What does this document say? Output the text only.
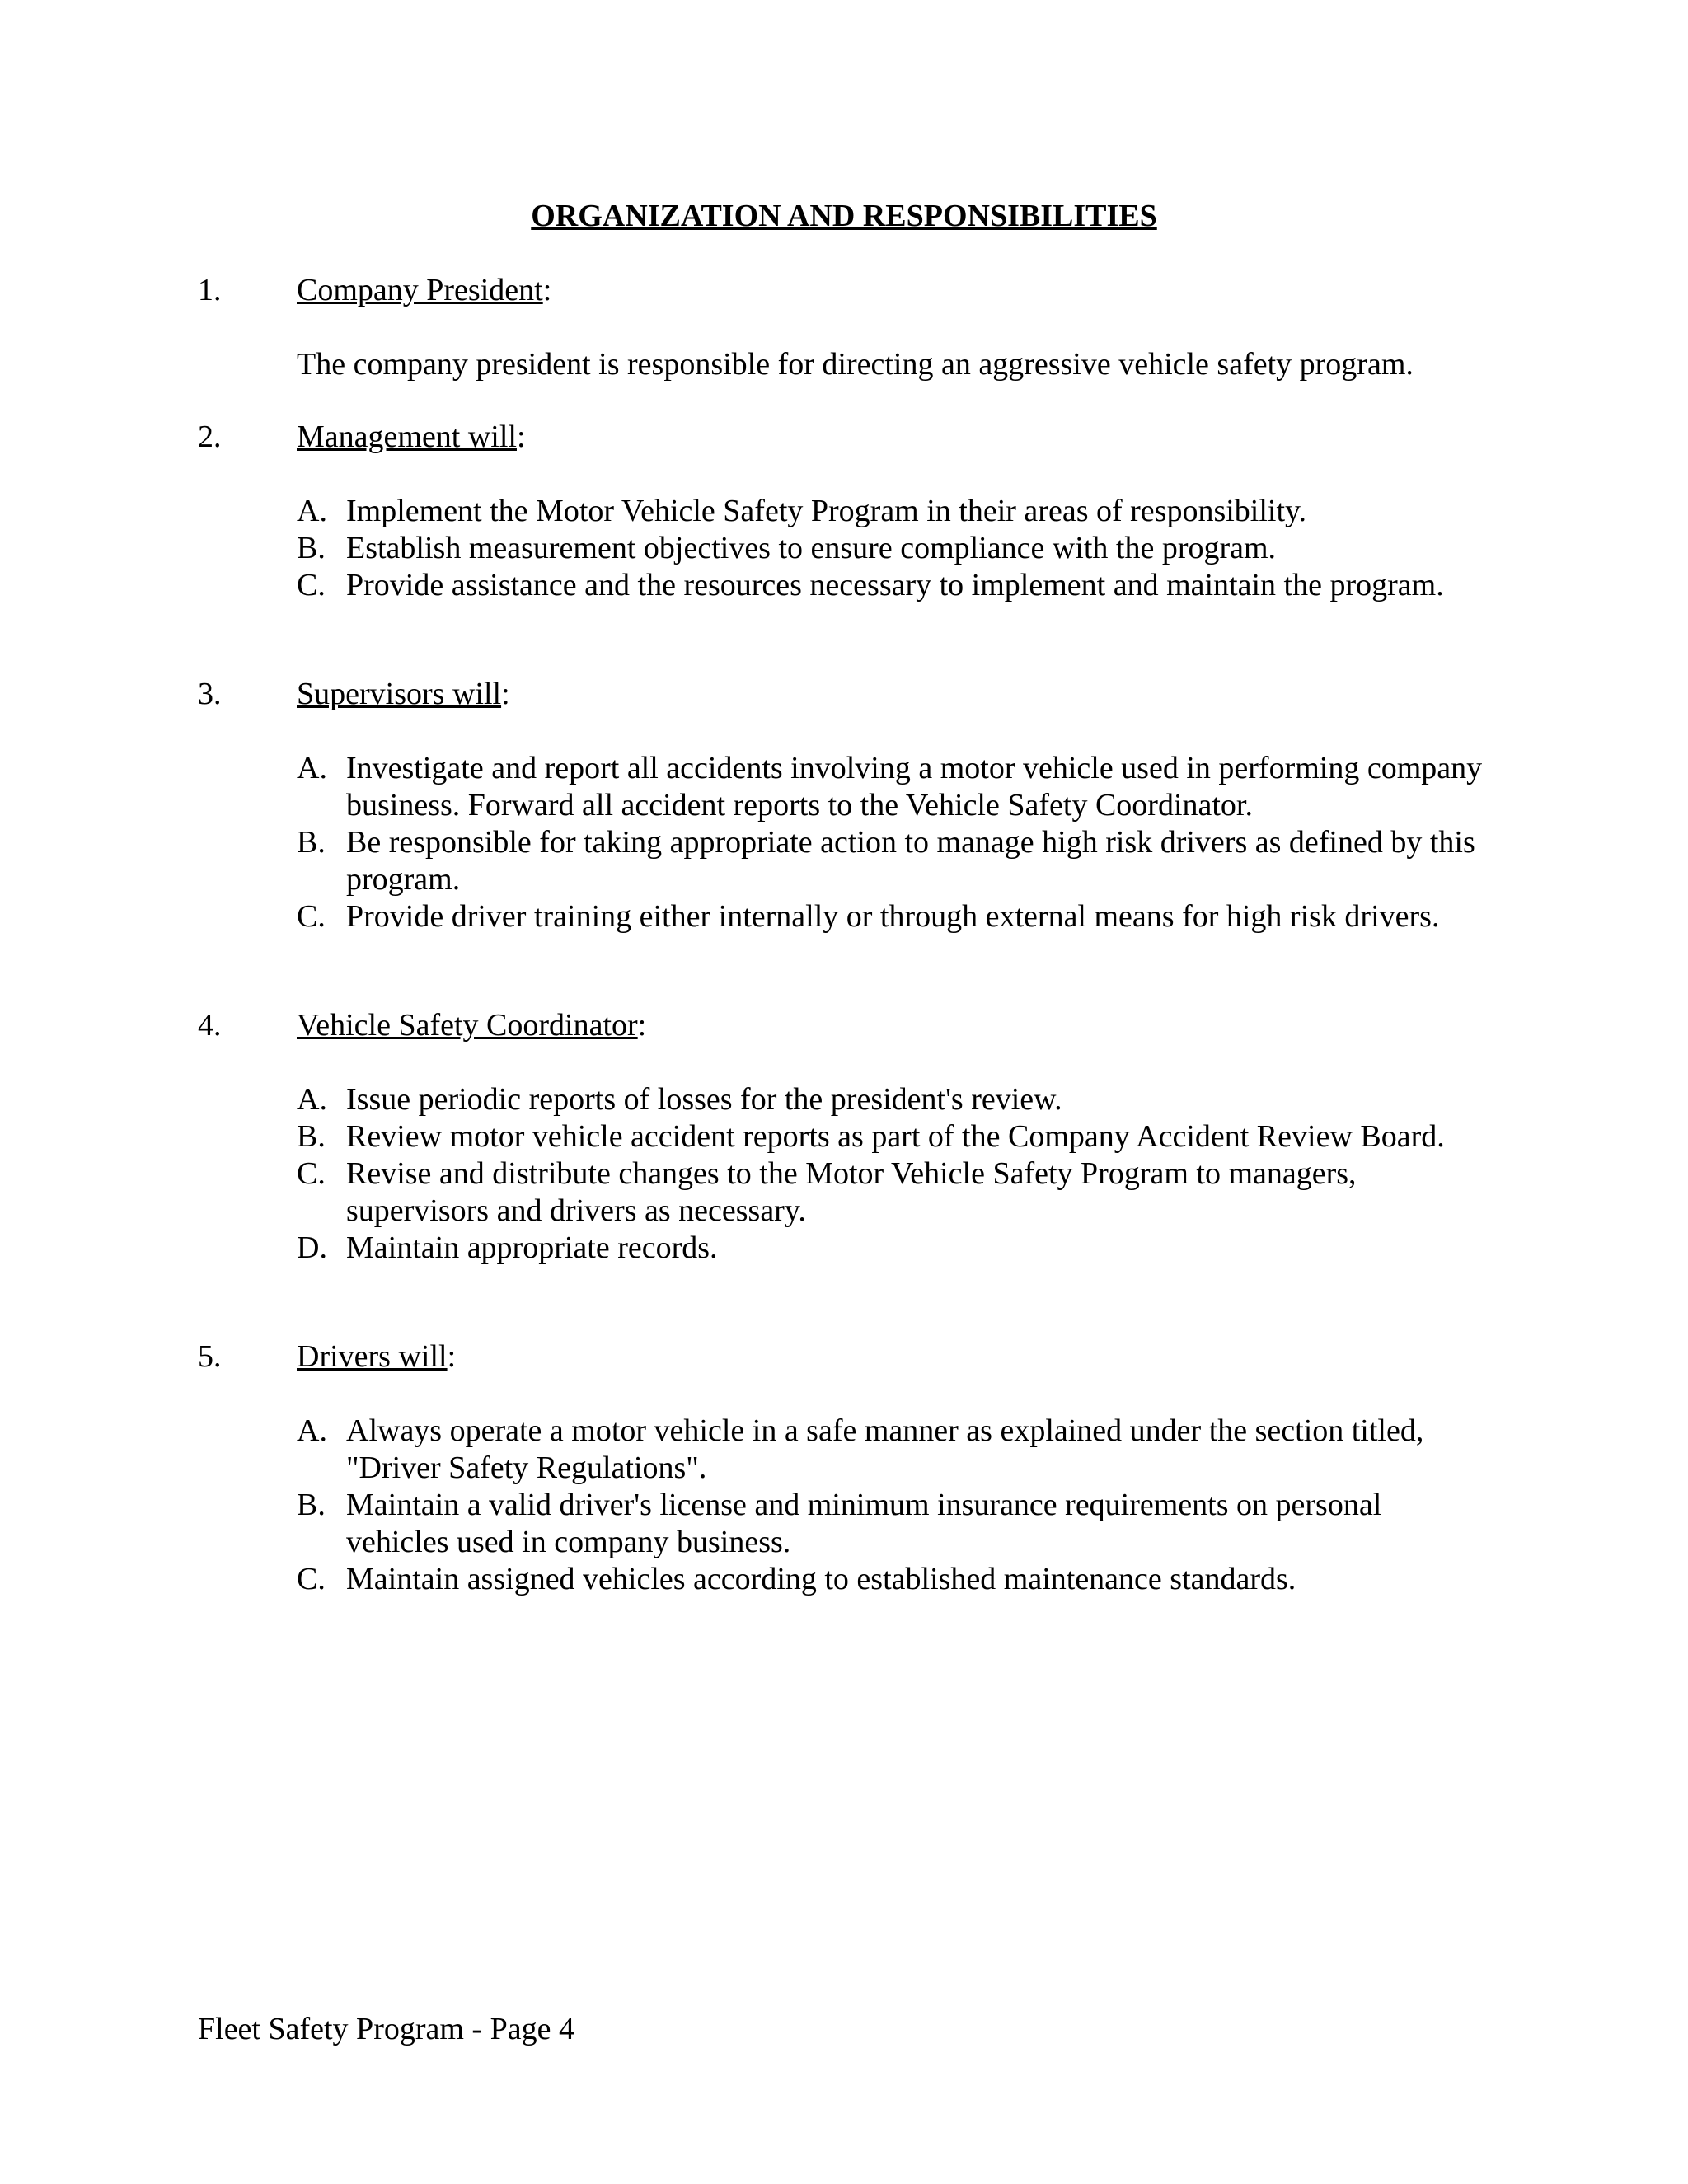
ORGANIZATION AND RESPONSIBILITIES
1. Company President:
The company president is responsible for directing an aggressive vehicle safety program.
2. Management will:
A. Implement the Motor Vehicle Safety Program in their areas of responsibility.
B. Establish measurement objectives to ensure compliance with the program.
C. Provide assistance and the resources necessary to implement and maintain the program.
3. Supervisors will:
A. Investigate and report all accidents involving a motor vehicle used in performing company business. Forward all accident reports to the Vehicle Safety Coordinator.
B. Be responsible for taking appropriate action to manage high risk drivers as defined by this program.
C. Provide driver training either internally or through external means for high risk drivers.
4. Vehicle Safety Coordinator:
A. Issue periodic reports of losses for the president's review.
B. Review motor vehicle accident reports as part of the Company Accident Review Board.
C. Revise and distribute changes to the Motor Vehicle Safety Program to managers, supervisors and drivers as necessary.
D. Maintain appropriate records.
5. Drivers will:
A. Always operate a motor vehicle in a safe manner as explained under the section titled, "Driver Safety Regulations".
B. Maintain a valid driver's license and minimum insurance requirements on personal vehicles used in company business.
C. Maintain assigned vehicles according to established maintenance standards.
Fleet Safety Program - Page 4
